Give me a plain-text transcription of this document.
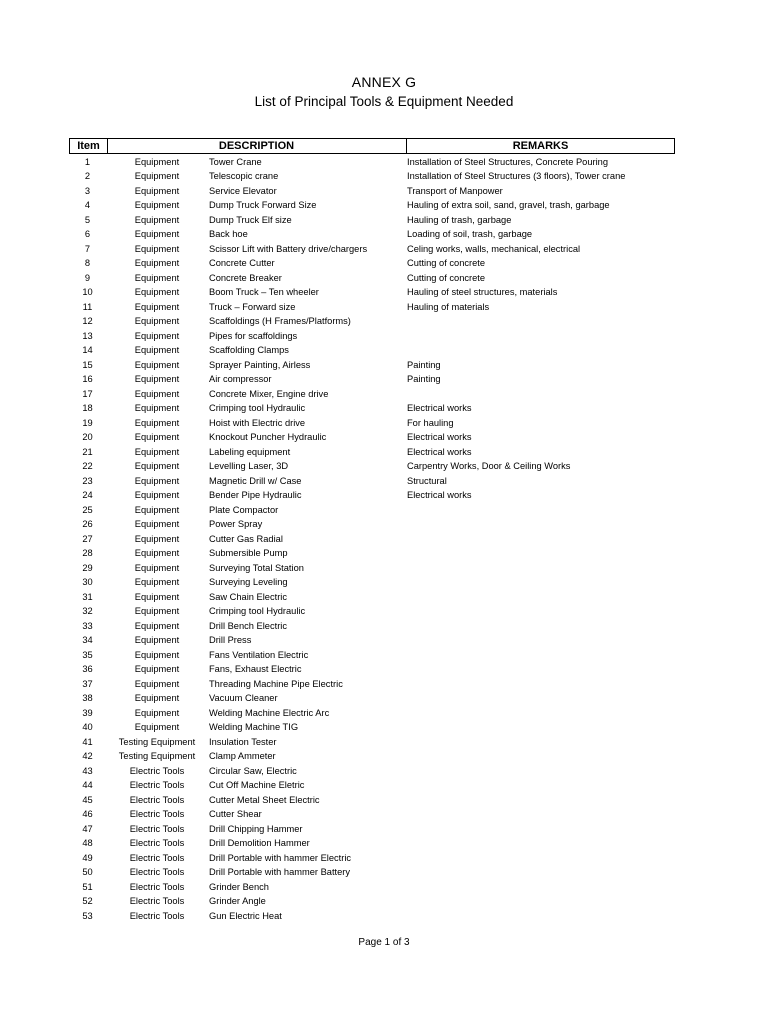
ANNEX G
List of Principal Tools & Equipment Needed
Item	DESCRIPTION	REMARKS
1	Equipment	Tower Crane	Installation of Steel Structures, Concrete Pouring
2	Equipment	Telescopic crane	Installation of Steel Structures (3 floors), Tower crane
3	Equipment	Service Elevator	Transport of Manpower
4	Equipment	Dump Truck Forward Size	Hauling of extra soil, sand, gravel, trash, garbage
5	Equipment	Dump Truck Elf size	Hauling of trash, garbage
6	Equipment	Back hoe	Loading of soil, trash, garbage
7	Equipment	Scissor Lift with Battery drive/chargers	Celing works, walls, mechanical, electrical
8	Equipment	Concrete Cutter	Cutting of concrete
9	Equipment	Concrete Breaker	Cutting of concrete
10	Equipment	Boom Truck – Ten wheeler	Hauling of steel structures, materials
11	Equipment	Truck – Forward size	Hauling of materials
12	Equipment	Scaffoldings (H Frames/Platforms)
13	Equipment	Pipes for scaffoldings
14	Equipment	Scaffolding Clamps
15	Equipment	Sprayer Painting, Airless	Painting
16	Equipment	Air compressor	Painting
17	Equipment	Concrete Mixer, Engine drive
18	Equipment	Crimping tool Hydraulic	Electrical works
19	Equipment	Hoist with Electric drive	For hauling
20	Equipment	Knockout Puncher Hydraulic	Electrical works
21	Equipment	Labeling equipment	Electrical works
22	Equipment	Levelling Laser, 3D	Carpentry Works, Door & Ceiling Works
23	Equipment	Magnetic Drill w/ Case	Structural
24	Equipment	Bender Pipe Hydraulic	Electrical works
25	Equipment	Plate Compactor
26	Equipment	Power Spray
27	Equipment	Cutter Gas Radial
28	Equipment	Submersible Pump
29	Equipment	Surveying Total Station
30	Equipment	Surveying Leveling
31	Equipment	Saw Chain Electric
32	Equipment	Crimping tool Hydraulic
33	Equipment	Drill Bench Electric
34	Equipment	Drill Press
35	Equipment	Fans Ventilation Electric
36	Equipment	Fans, Exhaust Electric
37	Equipment	Threading Machine Pipe Electric
38	Equipment	Vacuum Cleaner
39	Equipment	Welding Machine Electric Arc
40	Equipment	Welding Machine TIG
41	Testing Equipment	Insulation Tester
42	Testing Equipment	Clamp Ammeter
43	Electric Tools	Circular Saw, Electric
44	Electric Tools	Cut Off Machine Eletric
45	Electric Tools	Cutter Metal Sheet Electric
46	Electric Tools	Cutter Shear
47	Electric Tools	Drill Chipping Hammer
48	Electric Tools	Drill Demolition Hammer
49	Electric Tools	Drill Portable with hammer Electric
50	Electric Tools	Drill Portable with hammer Battery
51	Electric Tools	Grinder Bench
52	Electric Tools	Grinder Angle
53	Electric Tools	Gun Electric Heat
Page 1 of 3
